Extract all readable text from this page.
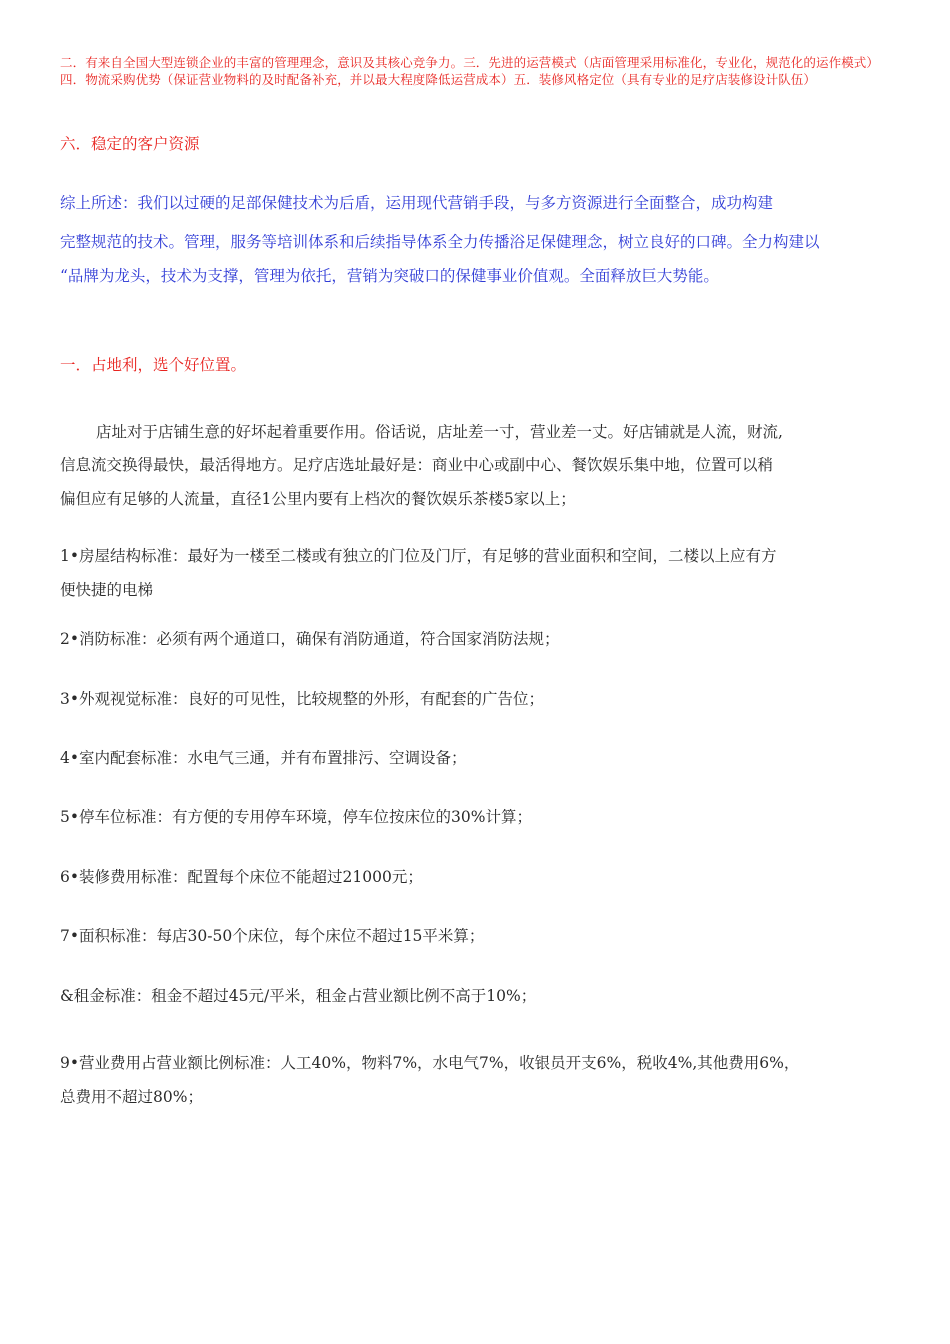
二．有来自全国大型连锁企业的丰富的管理理念，意识及其核心竞争力。三．先进的运营模式（店面管理采用标准化，专业化，规范化的运作模式）四．物流采购优势（保证营业物料的及时配备补充，并以最大程度降低运营成本）五．装修风格定位（具有专业的足疗店装修设计队伍）

六．稳定的客户资源
综上所述：我们以过硬的足部保健技术为后盾，运用现代营销手段，与多方资源进行全面整合，成功构建
完整规范的技术。管理，服务等培训体系和后续指导体系全力传播浴足保健理念，树立良好的口碑。全力构建以
“品牌为龙头，技术为支撑，管理为依托，营销为突破口的保健事业价值观。全面释放巨大势能。
一．占地利，选个好位置。
店址对于店铺生意的好坏起着重要作用。俗话说，店址差一寸，营业差一丈。好店铺就是人流，财流,
信息流交换得最快，最活得地方。足疗店选址最好是：商业中心或副中心、餐饮娱乐集中地，位置可以稍
偏但应有足够的人流量，直径1公里内要有上档次的餐饮娱乐茶楼5家以上；
1•房屋结构标准：最好为一楼至二楼或有独立的门位及门厅，有足够的营业面积和空间，二楼以上应有方
便快捷的电梯
2•消防标准：必须有两个通道口，确保有消防通道，符合国家消防法规；
3•外观视觉标准：良好的可见性，比较规整的外形，有配套的广告位；
4•室内配套标准：水电气三通，并有布置排污、空调设备；
5•停车位标准：有方便的专用停车环境，停车位按床位的30%计算；
6•装修费用标准：配置每个床位不能超过21000元；
7•面积标准：每店30-50个床位，每个床位不超过15平米算；
&租金标准：租金不超过45元/平米，租金占营业额比例不高于10%；
9•营业费用占营业额比例标准：人工40%，物料7%，水电气7%，收银员开支6%，税收4%,其他费用6%，
总费用不超过80%；
